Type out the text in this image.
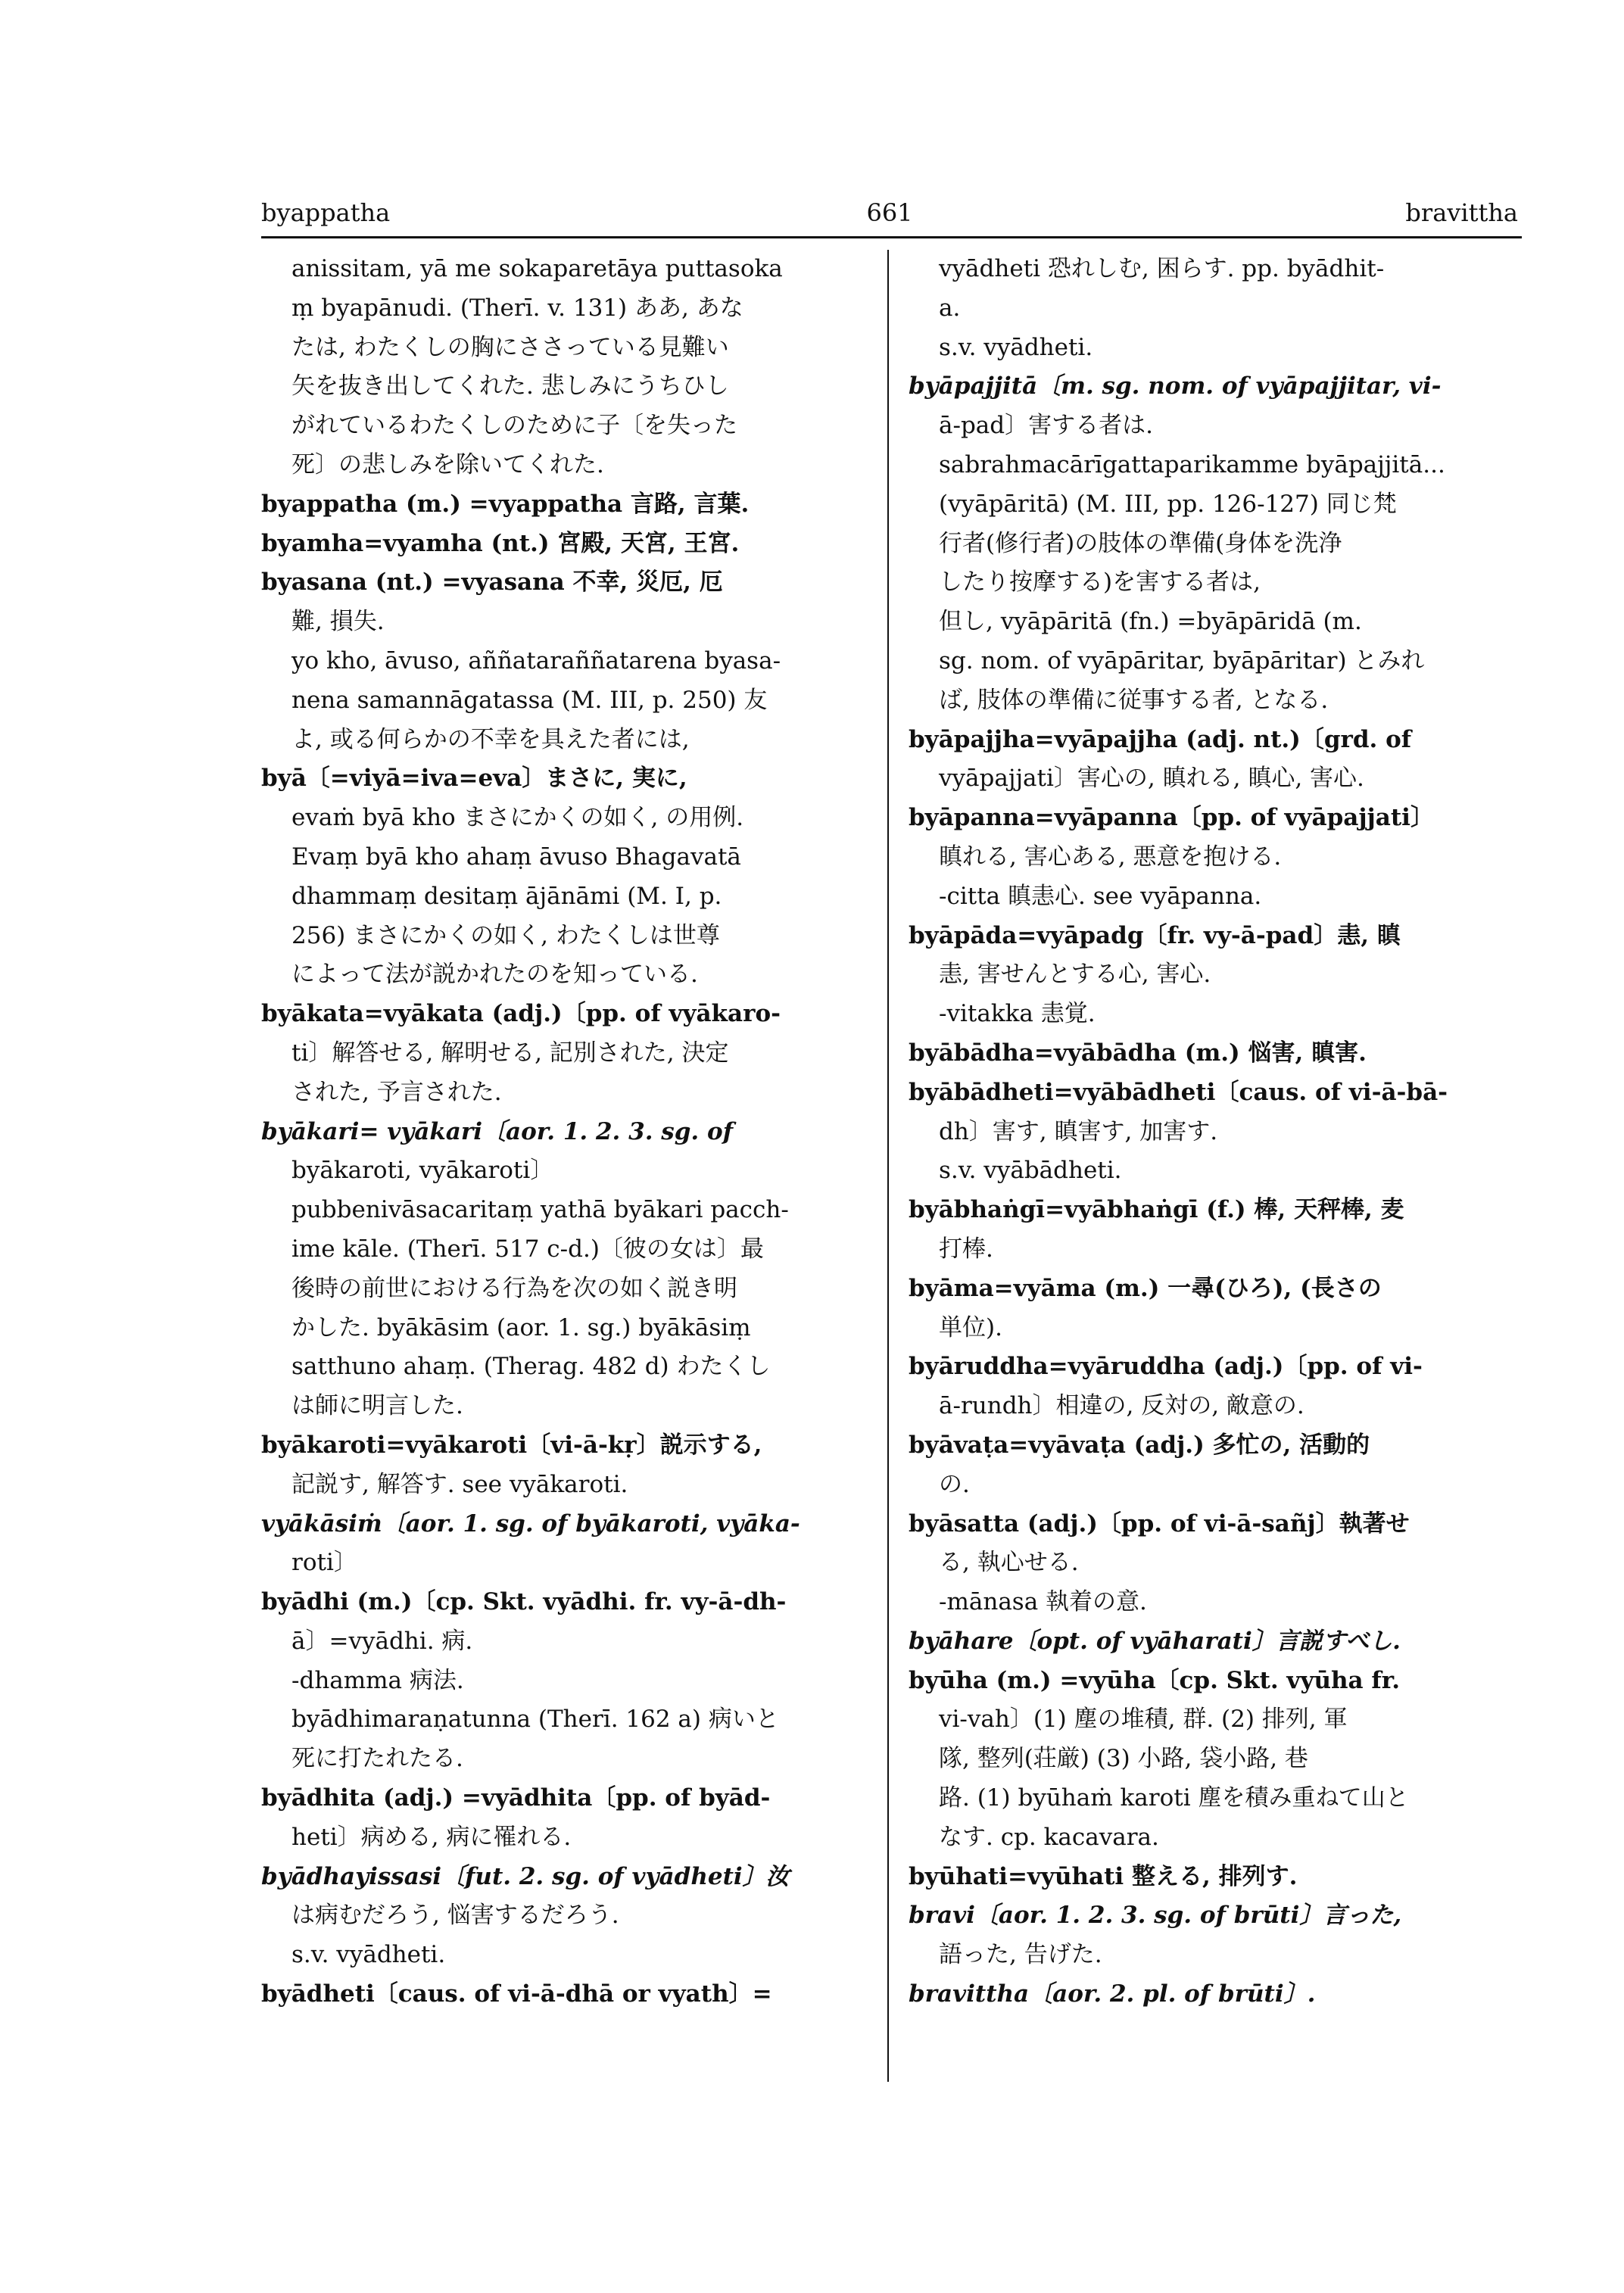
byappatha	661	bravittha
anissitam, yā me sokaparetāya puttasoka
ṃ byapānudi. (Therī. v. 131) ああ, あな
たは, わたくしの胸にささっている見難い
矢を抜き出してくれた. 悲しみにうちひし
がれているわたくしのために子〔を失った
死〕の悲しみを除いてくれた.
byappatha (m.) =vyappatha 言路, 言葉.
byamha=vyamha (nt.) 宮殿, 天宮, 王宮.
byasana (nt.) =vyasana 不幸, 災厄, 厄
難, 損失.
yo kho, āvuso, aññataraññatarena byasa-
nena samannāgatassa (M. III, p. 250) 友
よ, 或る何らかの不幸を具えた者には,
byā〔=viyā=iva=eva〕まさに, 実に,
evaṁ byā kho まさにかくの如く, の用例.
Evaṃ byā kho ahaṃ āvuso Bhagavatā
dhammaṃ desitaṃ ājānāmi (M. I, p.
256) まさにかくの如く, わたくしは世尊
によって法が説かれたのを知っている.
byākata=vyākata (adj.)〔pp. of vyākaro-
ti〕解答せる, 解明せる, 記別された, 決定
された, 予言された.
byākari= vyākari〔aor. 1. 2. 3. sg. of
byākaroti, vyākaroti〕
pubbenivāsacaritaṃ yathā byākari pacch-
ime kāle. (Therī. 517 c-d.)〔彼の女は〕最
後時の前世における行為を次の如く説き明
かした. byākāsim (aor. 1. sg.) byākāsiṃ
satthuno ahaṃ. (Therag. 482 d) わたくし
は師に明言した.
byākaroti=vyākaroti〔vi-ā-kṛ〕説示する,
記説す, 解答す. see vyākaroti.
vyākāsiṁ〔aor. 1. sg. of byākaroti, vyāka-
roti〕
byādhi (m.)〔cp. Skt. vyādhi. fr. vy-ā-dh-
ā〕=vyādhi. 病.
-dhamma 病法.
byādhimaraṇatunna (Therī. 162 a) 病いと
死に打たれたる.
byādhita (adj.) =vyādhita〔pp. of byād-
heti〕病める, 病に罹れる.
byādhayissasi〔fut. 2. sg. of vyādheti〕汝
は病むだろう, 悩害するだろう.
s.v. vyādheti.
byādheti〔caus. of vi-ā-dhā or vyath〕=
vyādheti 恐れしむ, 困らす. pp. byādhit-
a.
s.v. vyādheti.
byāpajjitā〔m. sg. nom. of vyāpajjitar, vi-
ā-pad〕害する者は.
sabrahmacārīgattaparikamme byāpajjitā...
(vyāpāritā) (M. III, pp. 126-127) 同じ梵
行者(修行者)の肢体の準備(身体を洗浄
したり按摩する)を害する者は,
但し, vyāpāritā (fn.) =byāpāridā (m.
sg. nom. of vyāpāritar, byāpāritar) とみれ
ば, 肢体の準備に従事する者, となる.
byāpajjha=vyāpajjha (adj. nt.)〔grd. of
vyāpajjati〕害心の, 瞋れる, 瞋心, 害心.
byāpanna=vyāpanna〔pp. of vyāpajjati〕
瞋れる, 害心ある, 悪意を抱ける.
-citta 瞋恚心. see vyāpanna.
byāpāda=vyāpadg〔fr. vy-ā-pad〕恚, 瞋
恚, 害せんとする心, 害心.
-vitakka 恚覚.
byābādha=vyābādha (m.) 悩害, 瞋害.
byābādheti=vyābādheti〔caus. of vi-ā-bā-
dh〕害す, 瞋害す, 加害す.
s.v. vyābādheti.
byābhaṅgī=vyābhaṅgī (f.) 棒, 天秤棒, 麦
打棒.
byāma=vyāma (m.) 一尋(ひろ), (長さの
単位).
byāruddha=vyāruddha (adj.)〔pp. of vi-
ā-rundh〕相違の, 反対の, 敵意の.
byāvaṭa=vyāvaṭa (adj.) 多忙の, 活動的
の.
byāsatta (adj.)〔pp. of vi-ā-sañj〕執著せ
る, 執心せる.
-mānasa 執着の意.
byāhare〔opt. of vyāharati〕言説すべし.
byūha (m.) =vyūha〔cp. Skt. vyūha fr.
vi-vah〕(1) 塵の堆積, 群. (2) 排列, 軍
隊, 整列(荘厳) (3) 小路, 袋小路, 巷
路. (1) byūhaṁ karoti 塵を積み重ねて山と
なす. cp. kacavara.
byūhati=vyūhati 整える, 排列す.
bravi〔aor. 1. 2. 3. sg. of brūti〕言った,
語った, 告げた.
bravittha〔aor. 2. pl. of brūti〕.
